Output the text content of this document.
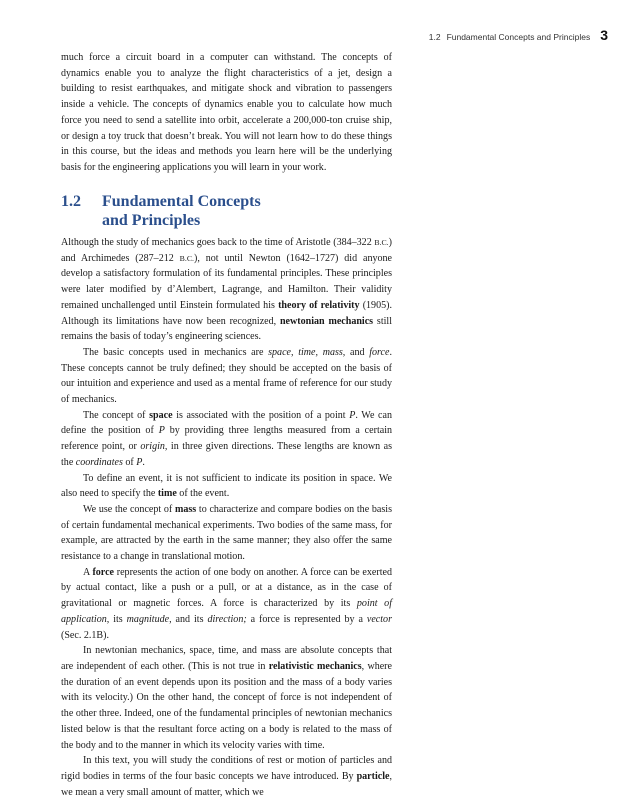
1.2 Fundamental Concepts and Principles 3

much force a circuit board in a computer can withstand. The concepts of dynamics enable you to analyze the flight characteristics of a jet, design a building to resist earthquakes, and mitigate shock and vibration to passengers inside a vehicle. The concepts of dynamics enable you to calculate how much force you need to send a satellite into orbit, accelerate a 200,000-ton cruise ship, or design a toy truck that doesn’t break. You will not learn how to do these things in this course, but the ideas and methods you learn here will be the underlying basis for the engineering applications you will learn in your work.

1.2 Fundamental Concepts
and Principles

Although the study of mechanics goes back to the time of Aristotle (384–322 B.C.) and Archimedes (287–212 B.C.), not until Newton (1642–1727) did anyone develop a satisfactory formulation of its fundamental principles. These principles were later modified by d’Alembert, Lagrange, and Hamilton. Their validity remained unchallenged until Einstein formulated his theory of relativity (1905). Although its limitations have now been recognized, newtonian mechanics still remains the basis of today’s engineering sciences.

The basic concepts used in mechanics are space, time, mass, and force. These concepts cannot be truly defined; they should be accepted on the basis of our intuition and experience and used as a mental frame of reference for our study of mechanics.

The concept of space is associated with the position of a point P. We can define the position of P by providing three lengths measured from a certain reference point, or origin, in three given directions. These lengths are known as the coordinates of P.

To define an event, it is not sufficient to indicate its position in space. We also need to specify the time of the event.

We use the concept of mass to characterize and compare bodies on the basis of certain fundamental mechanical experiments. Two bodies of the same mass, for example, are attracted by the earth in the same manner; they also offer the same resistance to a change in translational motion.

A force represents the action of one body on another. A force can be exerted by actual contact, like a push or a pull, or at a distance, as in the case of gravitational or magnetic forces. A force is characterized by its point of application, its magnitude, and its direction; a force is represented by a vector (Sec. 2.1B).

In newtonian mechanics, space, time, and mass are absolute concepts that are independent of each other. (This is not true in relativistic mechanics, where the duration of an event depends upon its position and the mass of a body varies with its velocity.) On the other hand, the concept of force is not independent of the other three. Indeed, one of the fundamental principles of newtonian mechanics listed below is that the resultant force acting on a body is related to the mass of the body and to the manner in which its velocity varies with time.

In this text, you will study the conditions of rest or motion of particles and rigid bodies in terms of the four basic concepts we have introduced. By particle, we mean a very small amount of matter, which we
